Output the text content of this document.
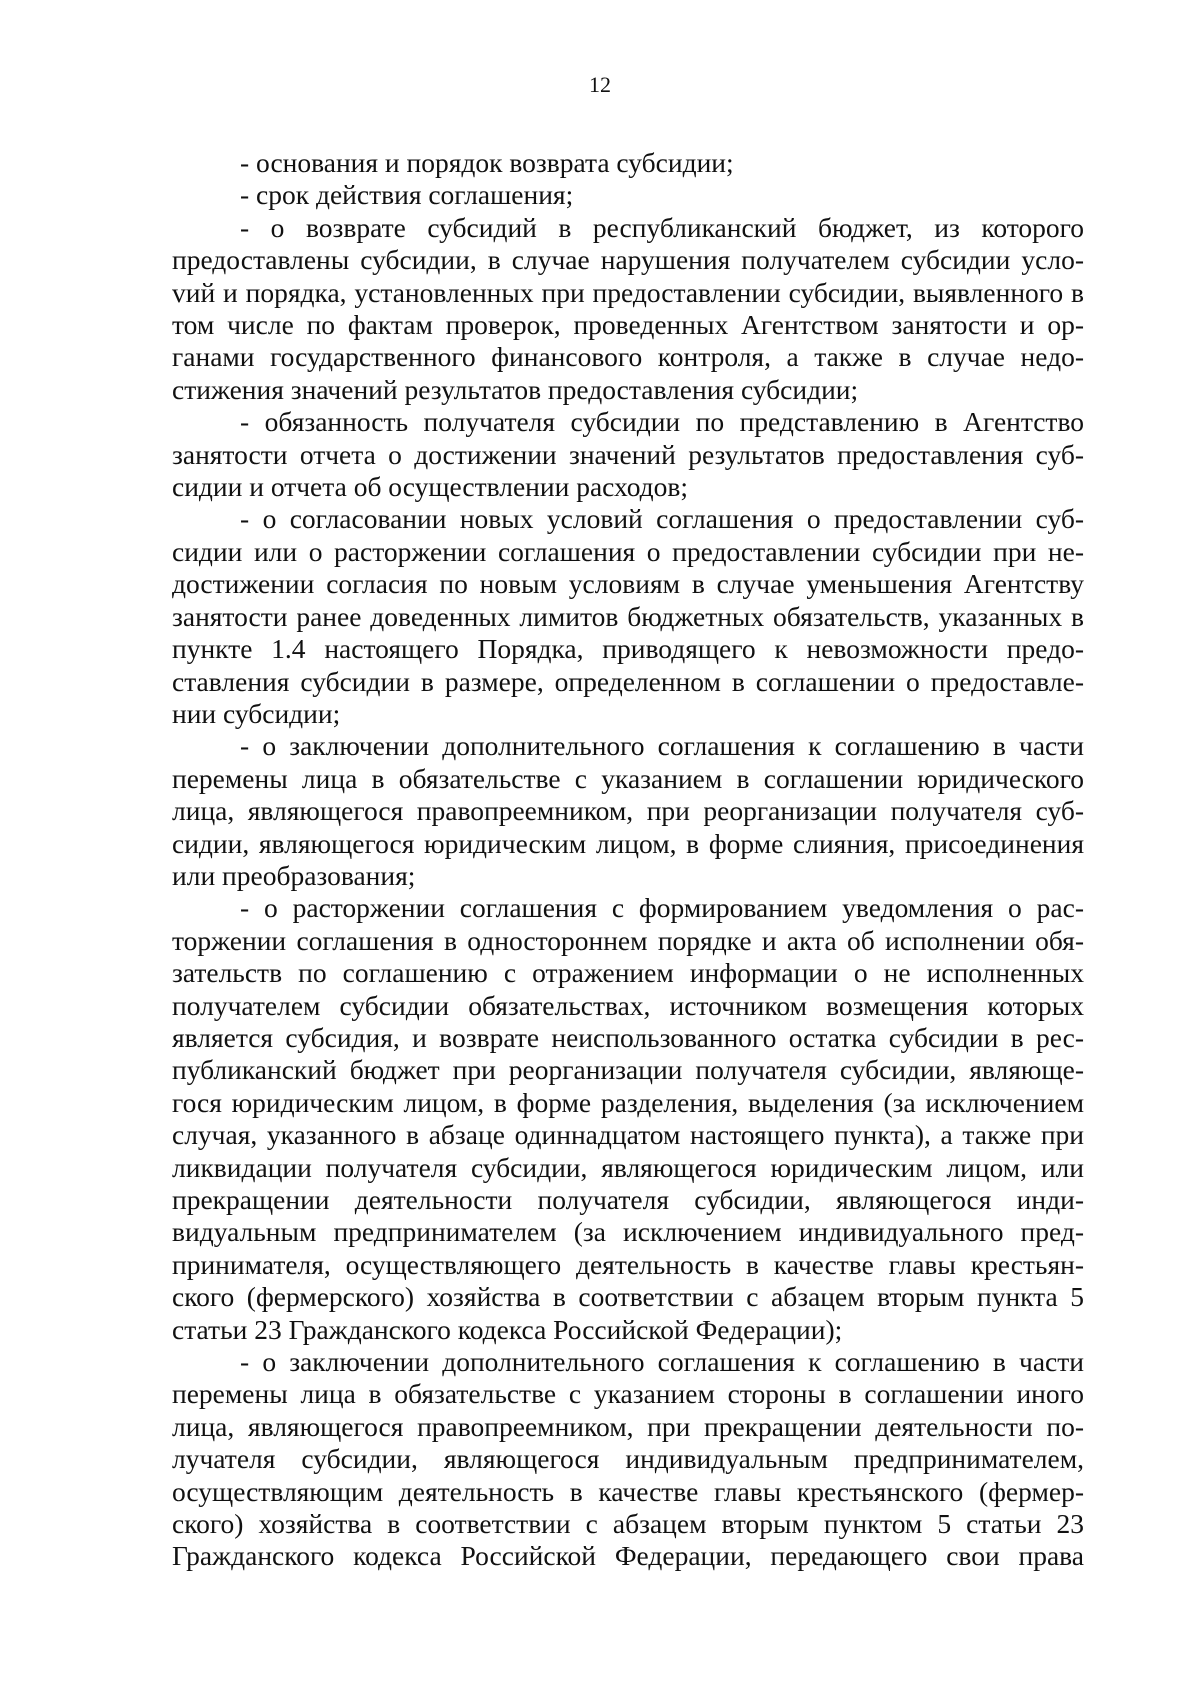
12

- основания и порядок возврата субсидии;

- срок действия соглашения;

- о возврате субсидий в республиканский бюджет, из которого предоставлены субсидии, в случае нарушения получателем субсидии услоvий и порядка, установленных при предоставлении субсидии, выявленного в том числе по фактам проверок, проведенных Агентством занятости и органами государственного финансового контроля, а также в случае недостижения значений результатов предоставления субсидии;

- обязанность получателя субсидии по представлению в Агентство занятости отчета о достижении значений результатов предоставления субсидии и отчета об осуществлении расходов;

- о согласовании новых условий соглашения о предоставлении субсидии или о расторжении соглашения о предоставлении субсидии при недостижении согласия по новым условиям в случае уменьшения Агентству занятости ранее доведенных лимитов бюджетных обязательств, указанных в пункте 1.4 настоящего Порядка, приводящего к невозможности предоставления субсидии в размере, определенном в соглашении о предоставлении субсидии;

- о заключении дополнительного соглашения к соглашению в части перемены лица в обязательстве с указанием в соглашении юридического лица, являющегося правопреемником, при реорганизации получателя субсидии, являющегося юридическим лицом, в форме слияния, присоединения или преобразования;

- о расторжении соглашения с формированием уведомления о расторжении соглашения в одностороннем порядке и акта об исполнении обязательств по соглашению с отражением информации о не исполненных получателем субсидии обязательствах, источником возмещения которых является субсидия, и возврате неиспользованного остатка субсидии в республиканский бюджет при реорганизации получателя субсидии, являющегося юридическим лицом, в форме разделения, выделения (за исключением случая, указанного в абзаце одиннадцатом настоящего пункта), а также при ликвидации получателя субсидии, являющегося юридическим лицом, или прекращении деятельности получателя субсидии, являющегося индивидуальным предпринимателем (за исключением индивидуального предпринимателя, осуществляющего деятельность в качестве главы крестьянского (фермерского) хозяйства в соответствии с абзацем вторым пункта 5 статьи 23 Гражданского кодекса Российской Федерации);

- о заключении дополнительного соглашения к соглашению в части перемены лица в обязательстве с указанием стороны в соглашении иного лица, являющегося правопреемником, при прекращении деятельности получателя субсидии, являющегося индивидуальным предпринимателем, осуществляющим деятельность в качестве главы крестьянского (фермерского) хозяйства в соответствии с абзацем вторым пунктом 5 статьи 23 Гражданского кодекса Российской Федерации, передающего свои права
